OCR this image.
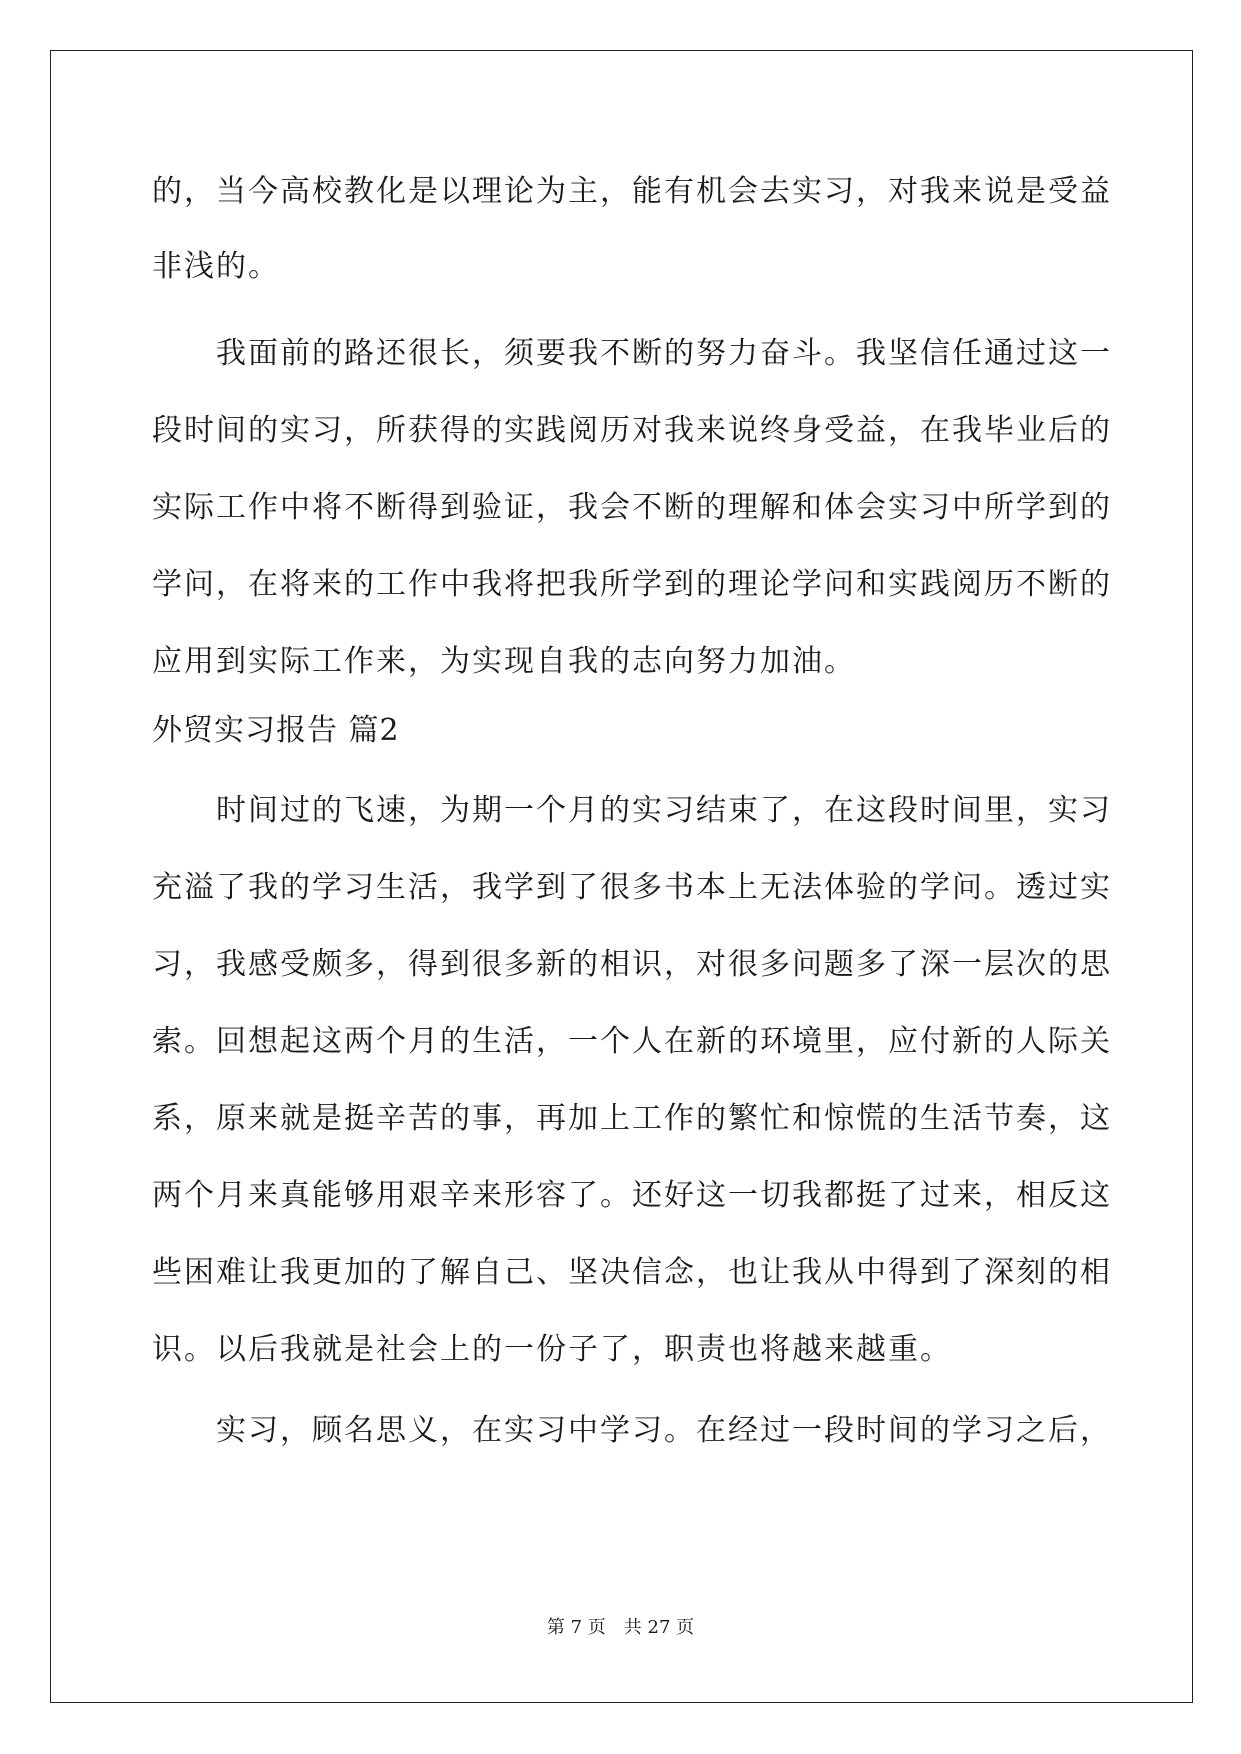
的，当今高校教化是以理论为主，能有机会去实习，对我来说是受益
非浅的。
　　我面前的路还很长，须要我不断的努力奋斗。我坚信任通过这一
段时间的实习，所获得的实践阅历对我来说终身受益，在我毕业后的
实际工作中将不断得到验证，我会不断的理解和体会实习中所学到的
学问，在将来的工作中我将把我所学到的理论学问和实践阅历不断的
应用到实际工作来，为实现自我的志向努力加油。
外贸实习报告 篇2
　　时间过的飞速，为期一个月的实习结束了，在这段时间里，实习
充溢了我的学习生活，我学到了很多书本上无法体验的学问。透过实
习，我感受颇多，得到很多新的相识，对很多问题多了深一层次的思
索。回想起这两个月的生活，一个人在新的环境里，应付新的人际关
系，原来就是挺辛苦的事，再加上工作的繁忙和惊慌的生活节奏，这
两个月来真能够用艰辛来形容了。还好这一切我都挺了过来，相反这
些困难让我更加的了解自己、坚决信念，也让我从中得到了深刻的相
识。以后我就是社会上的一份子了，职责也将越来越重。
　　实习，顾名思义，在实习中学习。在经过一段时间的学习之后，
第 7 页　共 27 页
